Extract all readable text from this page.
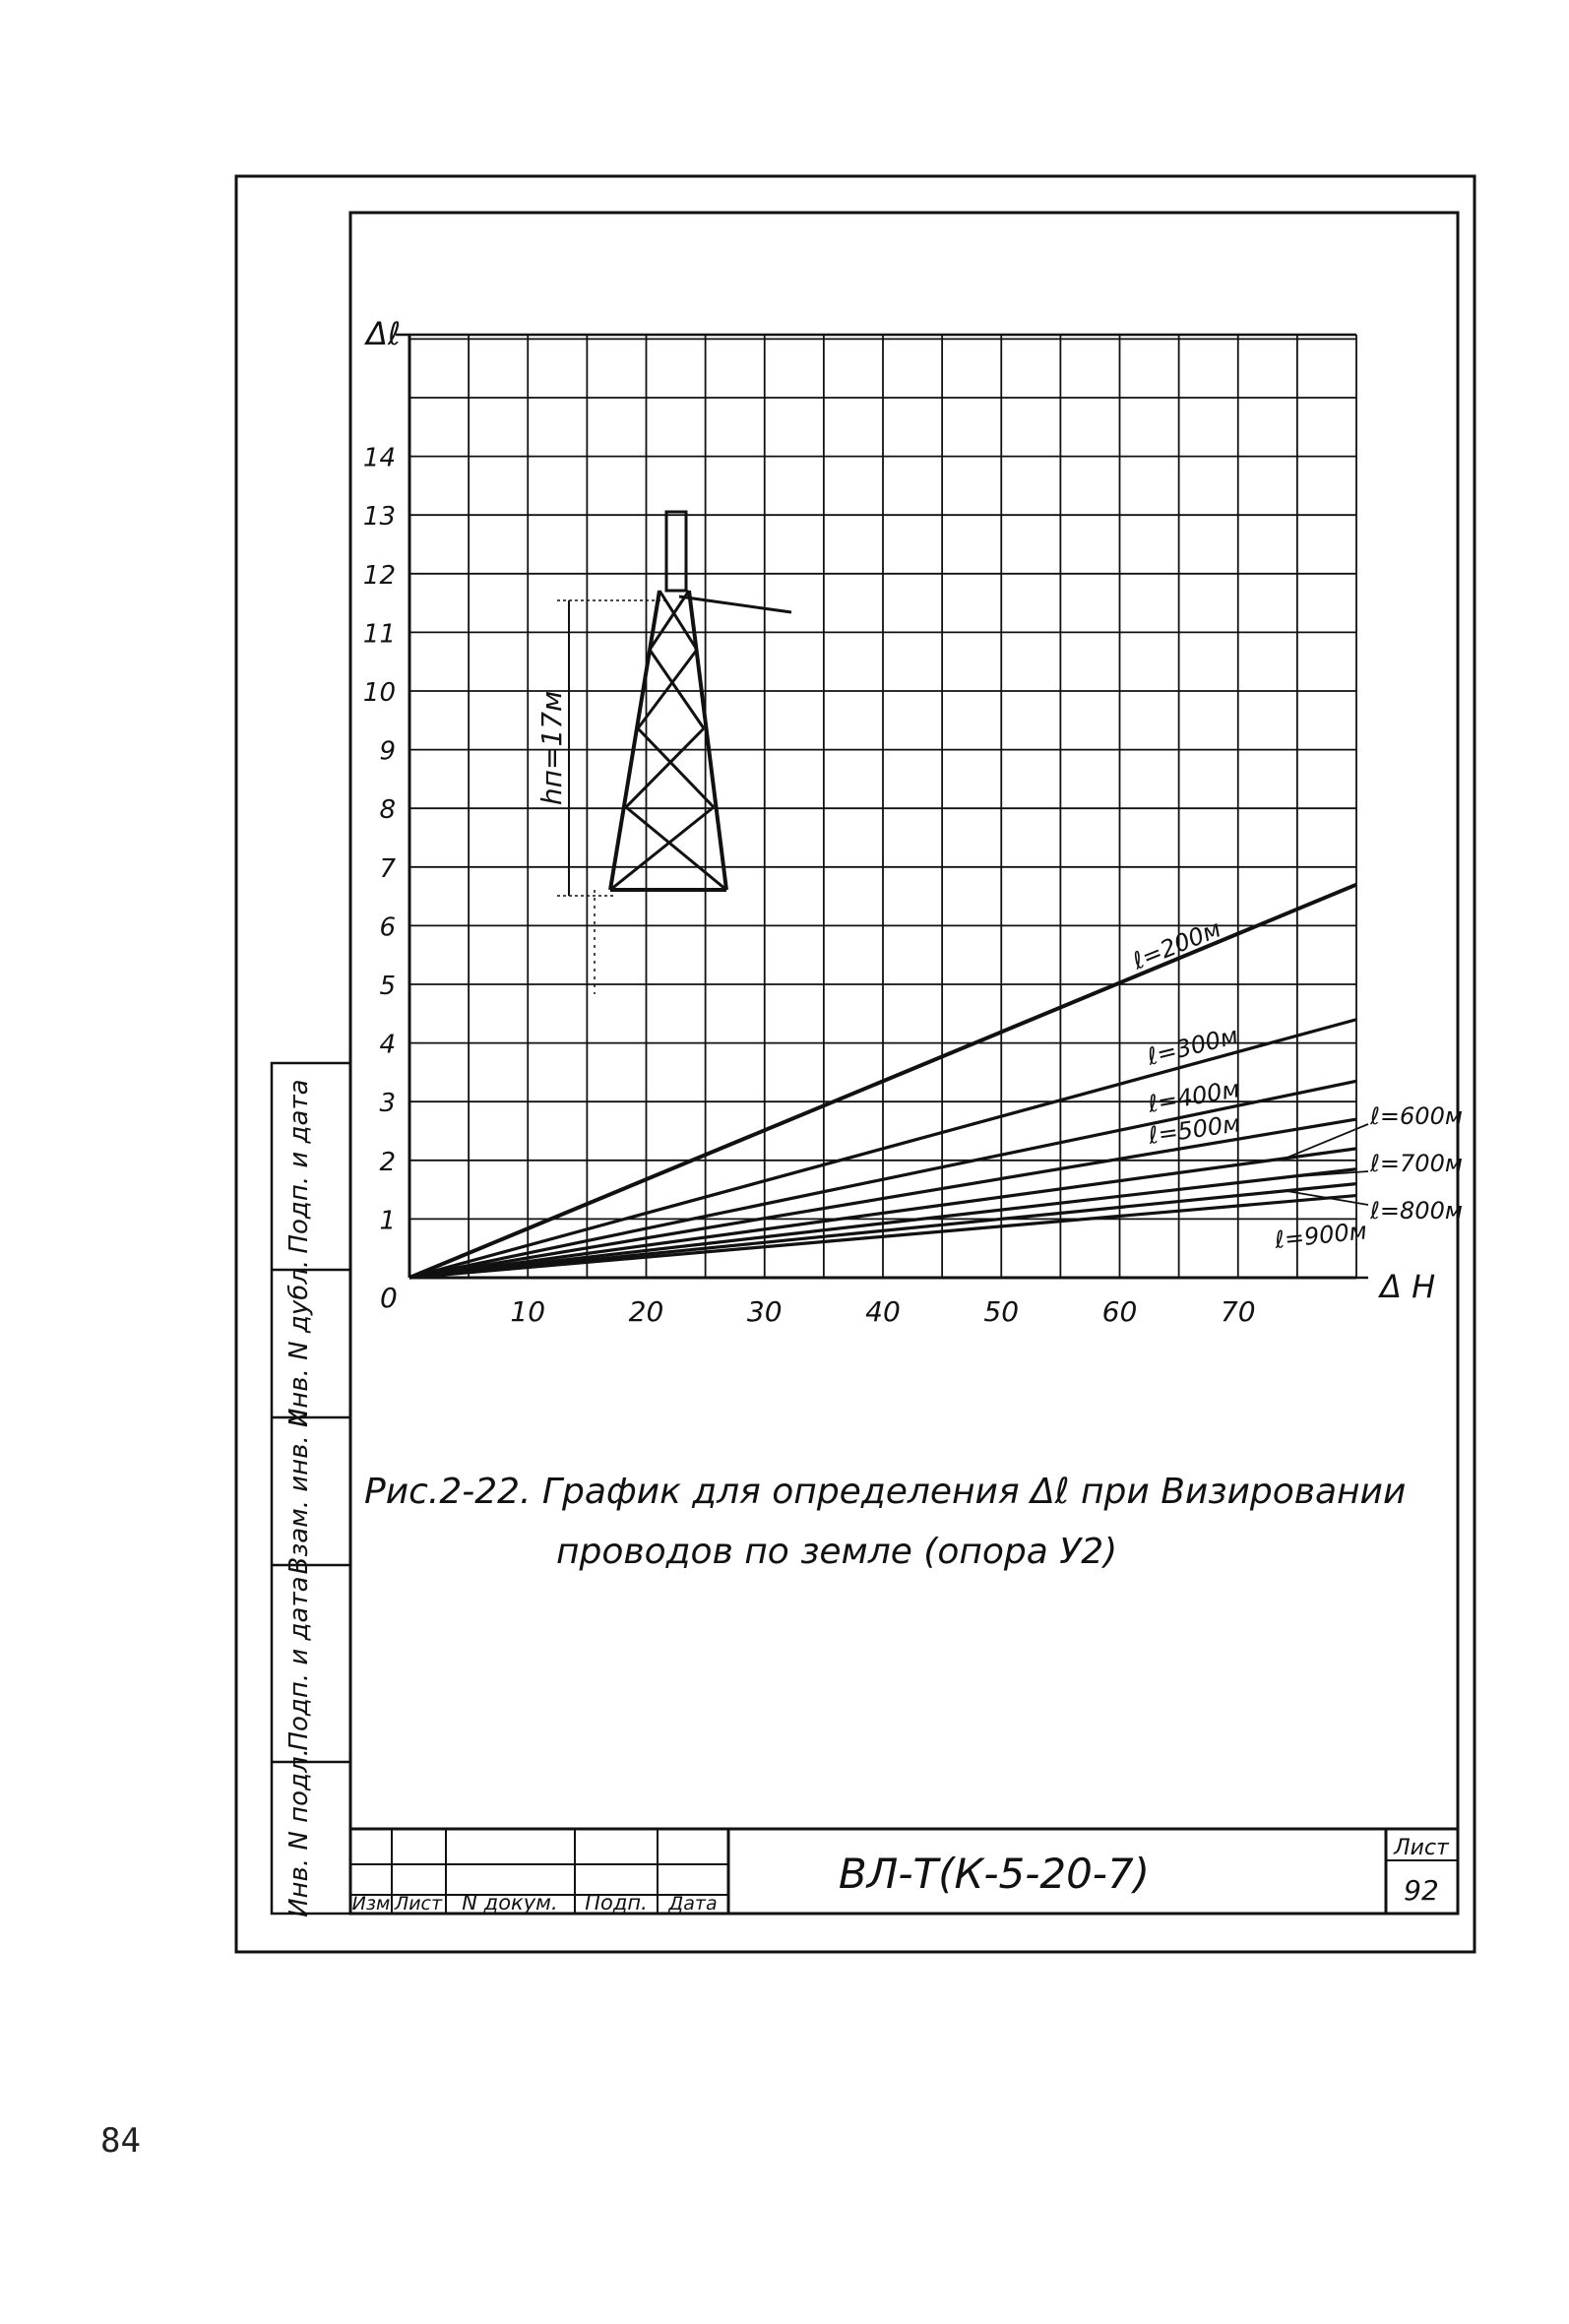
Инв. N подл.
Подп. и дата
Взам. инв. N
Инв. N дубл.
Подп. и дата
Изм Лист N докум. Подп. Дата
ВЛ-Т(К-5-20-7)
Лист
92
hп=17м
ℓ=200м
ℓ=300м
ℓ=400м
ℓ=500м	ℓ=600м
ℓ=700м
ℓ=800м
ℓ=900м
10	20	30	40	50	60	70
1
2
3
4
5
6
7
8
9
10
11
12
13
14
Δℓ
Δ H
0
Рис.2-22. График для определения Δℓ при Визировании
проводов по земле (опора У2)
84
